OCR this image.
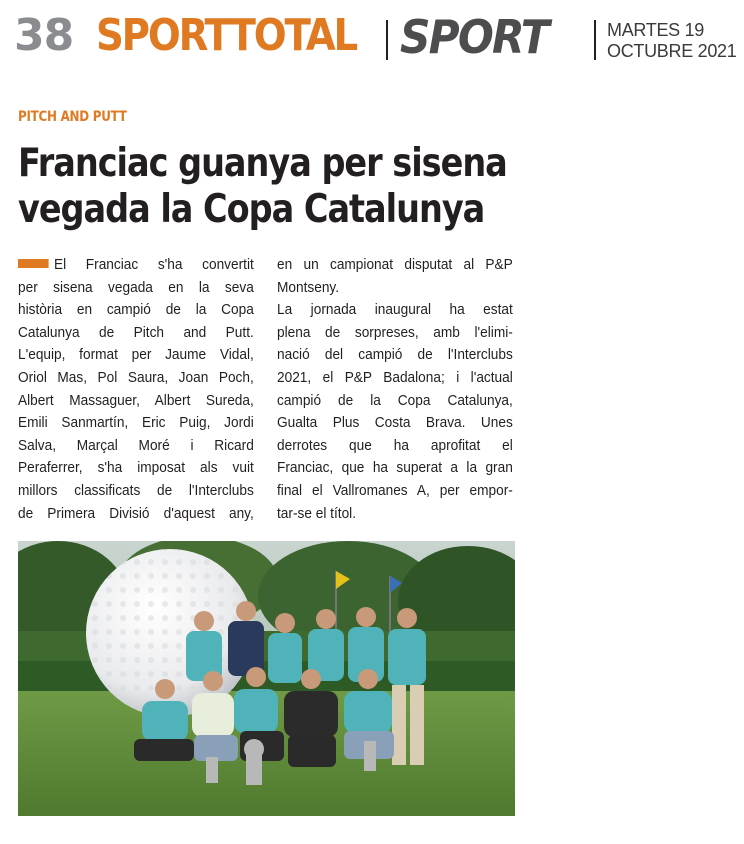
38 SPORTTOTAL SPORT	MARTES 19
OCTUBRE 2021
PITCH AND PUTT
Franciac guanya per sisena
vegada la Copa Catalunya
El Franciac s'ha convertit
per sisena vegada en la seva
història en campió de la Copa
Catalunya de Pitch and Putt.
L'equip, format per Jaume Vidal,
Oriol Mas, Pol Saura, Joan Poch,
Albert Massaguer, Albert Sureda,
Emili Sanmartín, Eric Puig, Jordi
Salva, Marçal Moré i Ricard
Peraferrer, s'ha imposat als vuit
millors classificats de l'Interclubs
de Primera Divisió d'aquest any,
en un campionat disputat al P&P
Montseny.
La jornada inaugural ha estat
plena de sorpreses, amb l'elimi-
nació del campió de l'Interclubs
2021, el P&P Badalona; i l'actual
campió de la Copa Catalunya,
Gualta Plus Costa Brava. Unes
derrotes que ha aprofitat el
Franciac, que ha superat a la gran
final el Vallromanes A, per empor-
tar-se el títol.
